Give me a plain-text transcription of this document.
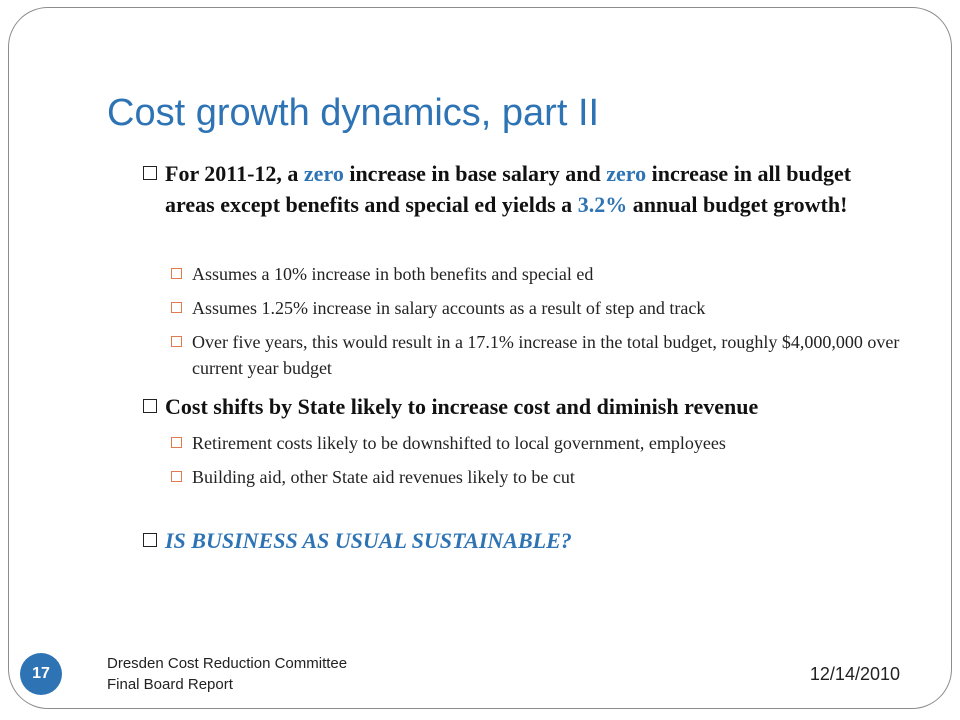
Cost growth dynamics, part II
For 2011-12, a zero increase in base salary and zero increase in all budget areas except benefits and special ed yields a 3.2% annual budget growth!
Assumes a 10% increase in both benefits and special ed
Assumes 1.25% increase in salary accounts as a result of step and track
Over five years, this would result in a 17.1% increase in the total budget, roughly $4,000,000 over current year budget
Cost shifts by State likely to increase cost and diminish revenue
Retirement costs likely to be downshifted to local government, employees
Building aid, other State aid revenues likely to be cut
IS BUSINESS AS USUAL SUSTAINABLE?
17
Dresden Cost Reduction Committee
Final Board Report
12/14/2010
